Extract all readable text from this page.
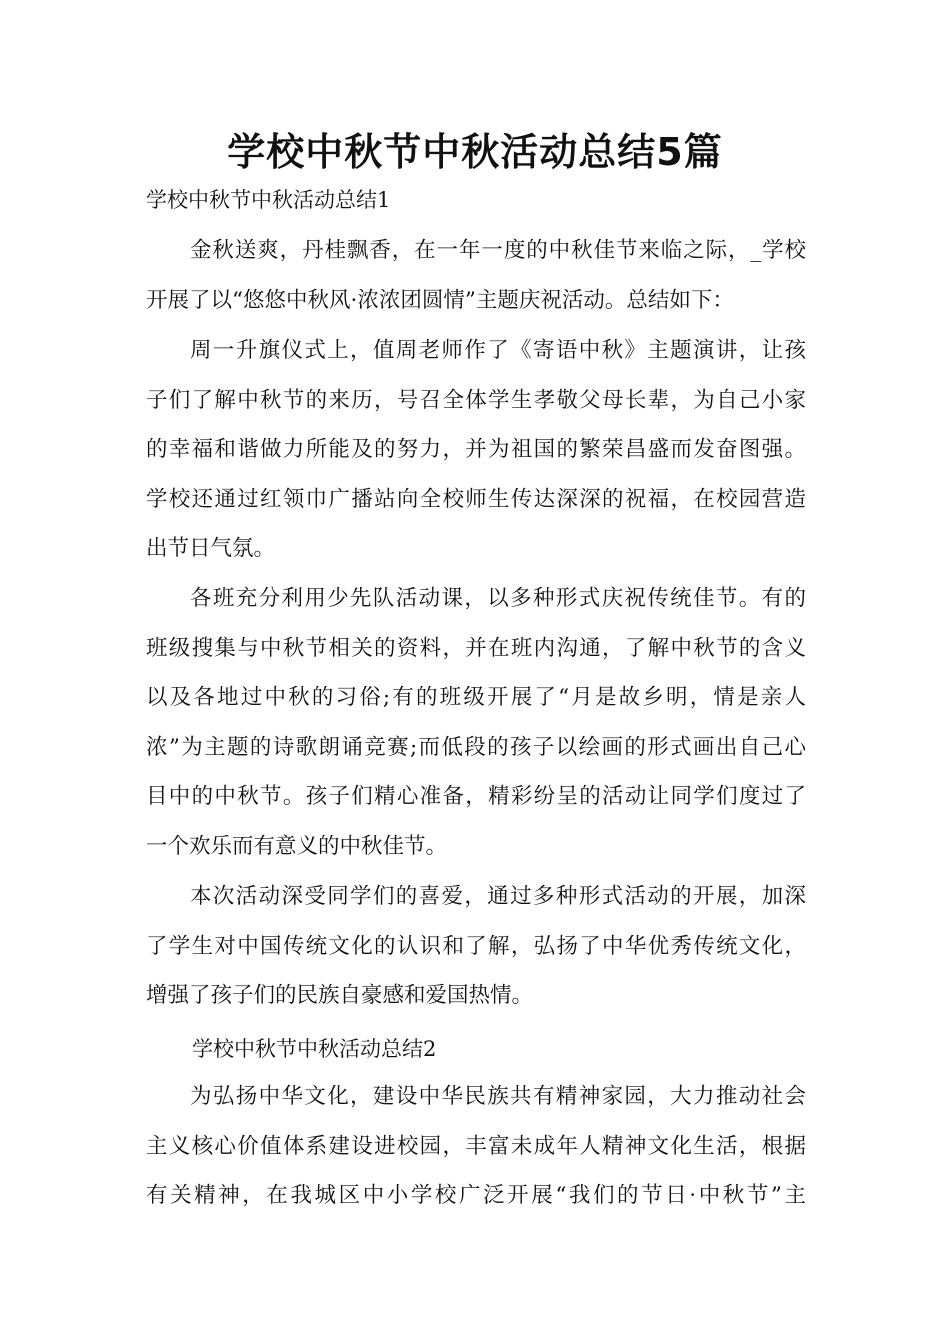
学校中秋节中秋活动总结5篇
学校中秋节中秋活动总结1
金秋送爽，丹桂飘香，在一年一度的中秋佳节来临之际，_学校
开展了以“悠悠中秋风·浓浓团圆情”主题庆祝活动。总结如下：
周一升旗仪式上，值周老师作了《寄语中秋》主题演讲，让孩
子们了解中秋节的来历，号召全体学生孝敬父母长辈，为自己小家
的幸福和谐做力所能及的努力，并为祖国的繁荣昌盛而发奋图强。
学校还通过红领巾广播站向全校师生传达深深的祝福，在校园营造
出节日气氛。
各班充分利用少先队活动课，以多种形式庆祝传统佳节。有的
班级搜集与中秋节相关的资料，并在班内沟通，了解中秋节的含义
以及各地过中秋的习俗;有的班级开展了“月是故乡明，情是亲人
浓”为主题的诗歌朗诵竞赛;而低段的孩子以绘画的形式画出自己心
目中的中秋节。孩子们精心准备，精彩纷呈的活动让同学们度过了
一个欢乐而有意义的中秋佳节。
本次活动深受同学们的喜爱，通过多种形式活动的开展，加深
了学生对中国传统文化的认识和了解，弘扬了中华优秀传统文化，
增强了孩子们的民族自豪感和爱国热情。
学校中秋节中秋活动总结2
为弘扬中华文化，建设中华民族共有精神家园，大力推动社会
主义核心价值体系建设进校园，丰富未成年人精神文化生活，根据
有关精神，在我城区中小学校广泛开展“我们的节日·中秋节”主
